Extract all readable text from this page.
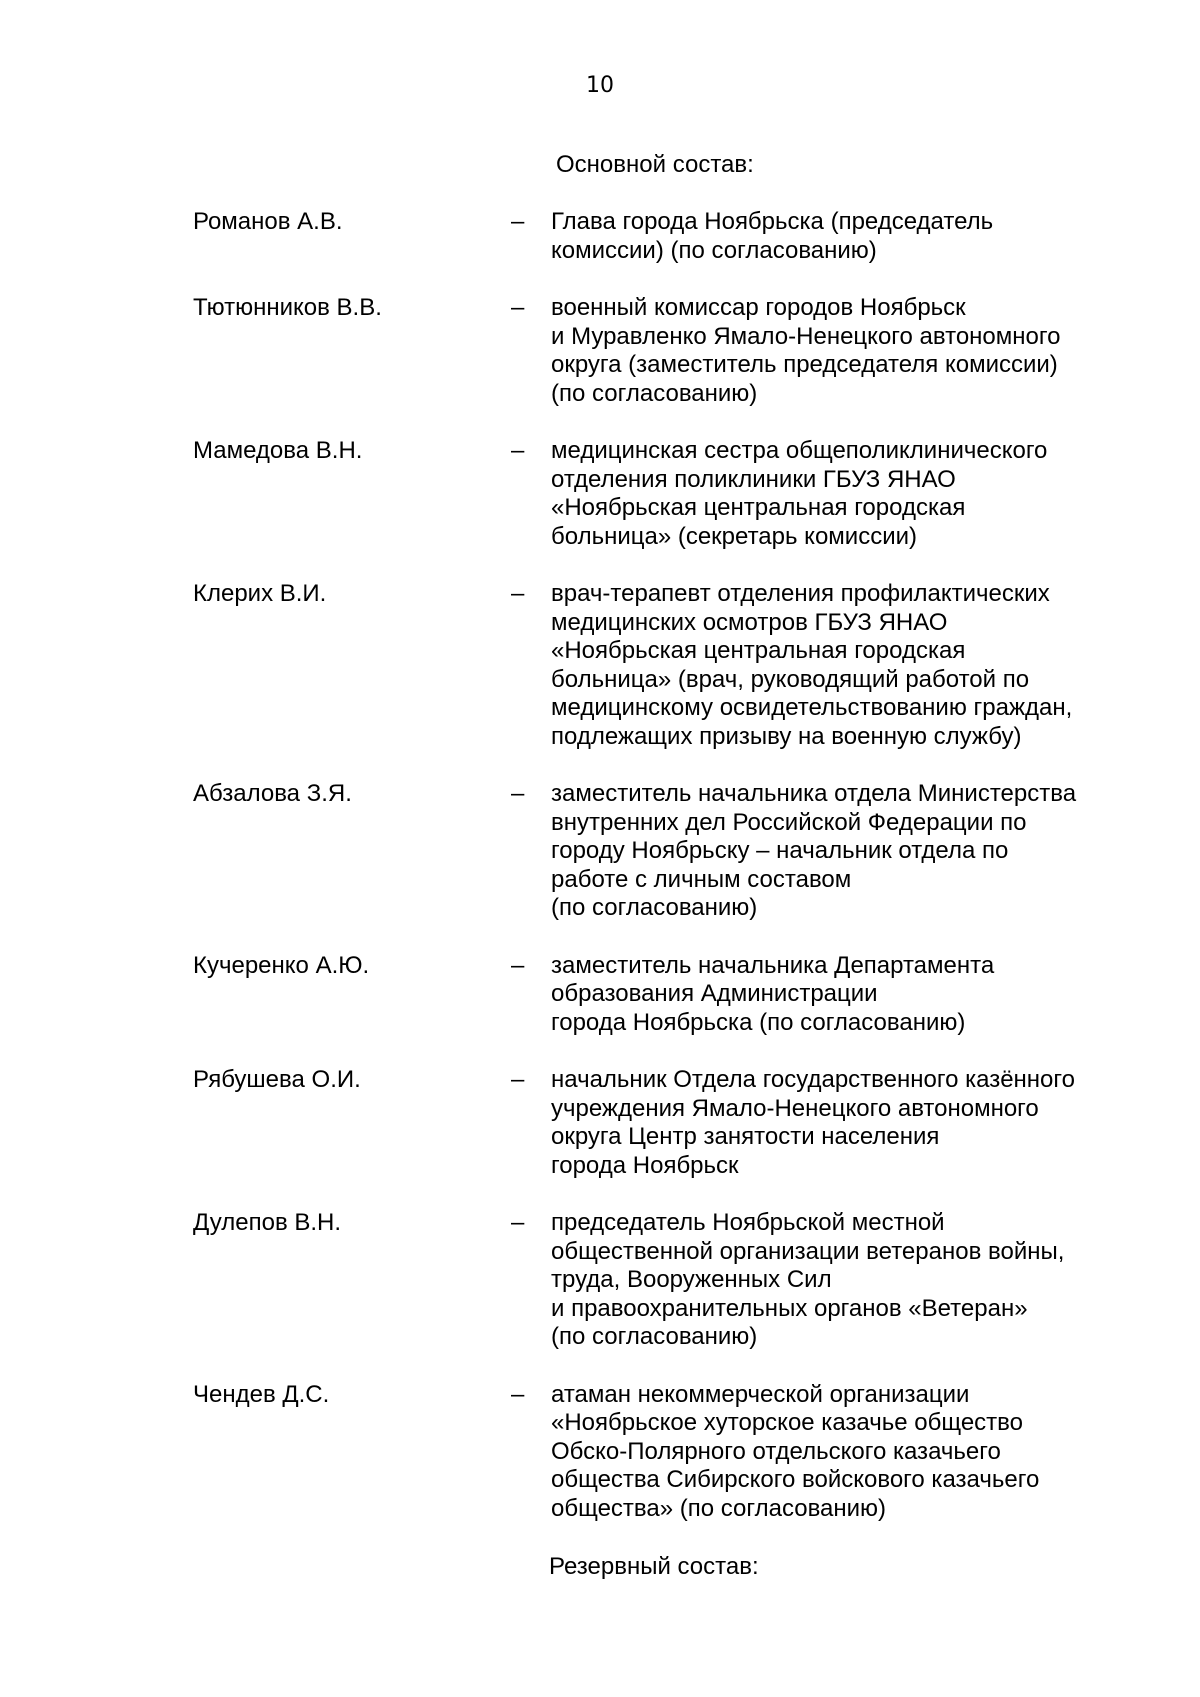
10
Основной состав:
Романов А.В.	–	Глава города Ноябрьска (председатель
комиссии) (по согласованию)
Тютюнников В.В.	–	военный комиссар городов Ноябрьск
и Муравленко Ямало-Ненецкого автономного
округа (заместитель председателя комиссии)
(по согласованию)
Мамедова В.Н.	–	медицинская сестра общеполиклинического
отделения поликлиники ГБУЗ ЯНАО
«Ноябрьская центральная городская
больница» (секретарь комиссии)
Клерих В.И.	–	врач-терапевт отделения профилактических
медицинских осмотров ГБУЗ ЯНАО
«Ноябрьская центральная городская
больница» (врач, руководящий работой по
медицинскому освидетельствованию граждан,
подлежащих призыву на военную службу)
Абзалова З.Я.	–	заместитель начальника отдела Министерства
внутренних дел Российской Федерации по
городу Ноябрьску – начальник отдела по
работе с личным составом
(по согласованию)
Кучеренко А.Ю.	–	заместитель начальника Департамента
образования Администрации
города Ноябрьска (по согласованию)
Рябушева О.И.	–	начальник Отдела государственного казённого
учреждения Ямало-Ненецкого автономного
округа Центр занятости населения
города Ноябрьск
Дулепов В.Н.	–	председатель Ноябрьской местной
общественной организации ветеранов войны,
труда, Вооруженных Сил
и правоохранительных органов «Ветеран»
(по согласованию)
Чендев Д.С.	–	атаман некоммерческой организации
«Ноябрьское хуторское казачье общество
Обско-Полярного отдельского казачьего
общества Сибирского войскового казачьего
общества» (по согласованию)
Резервный состав:
